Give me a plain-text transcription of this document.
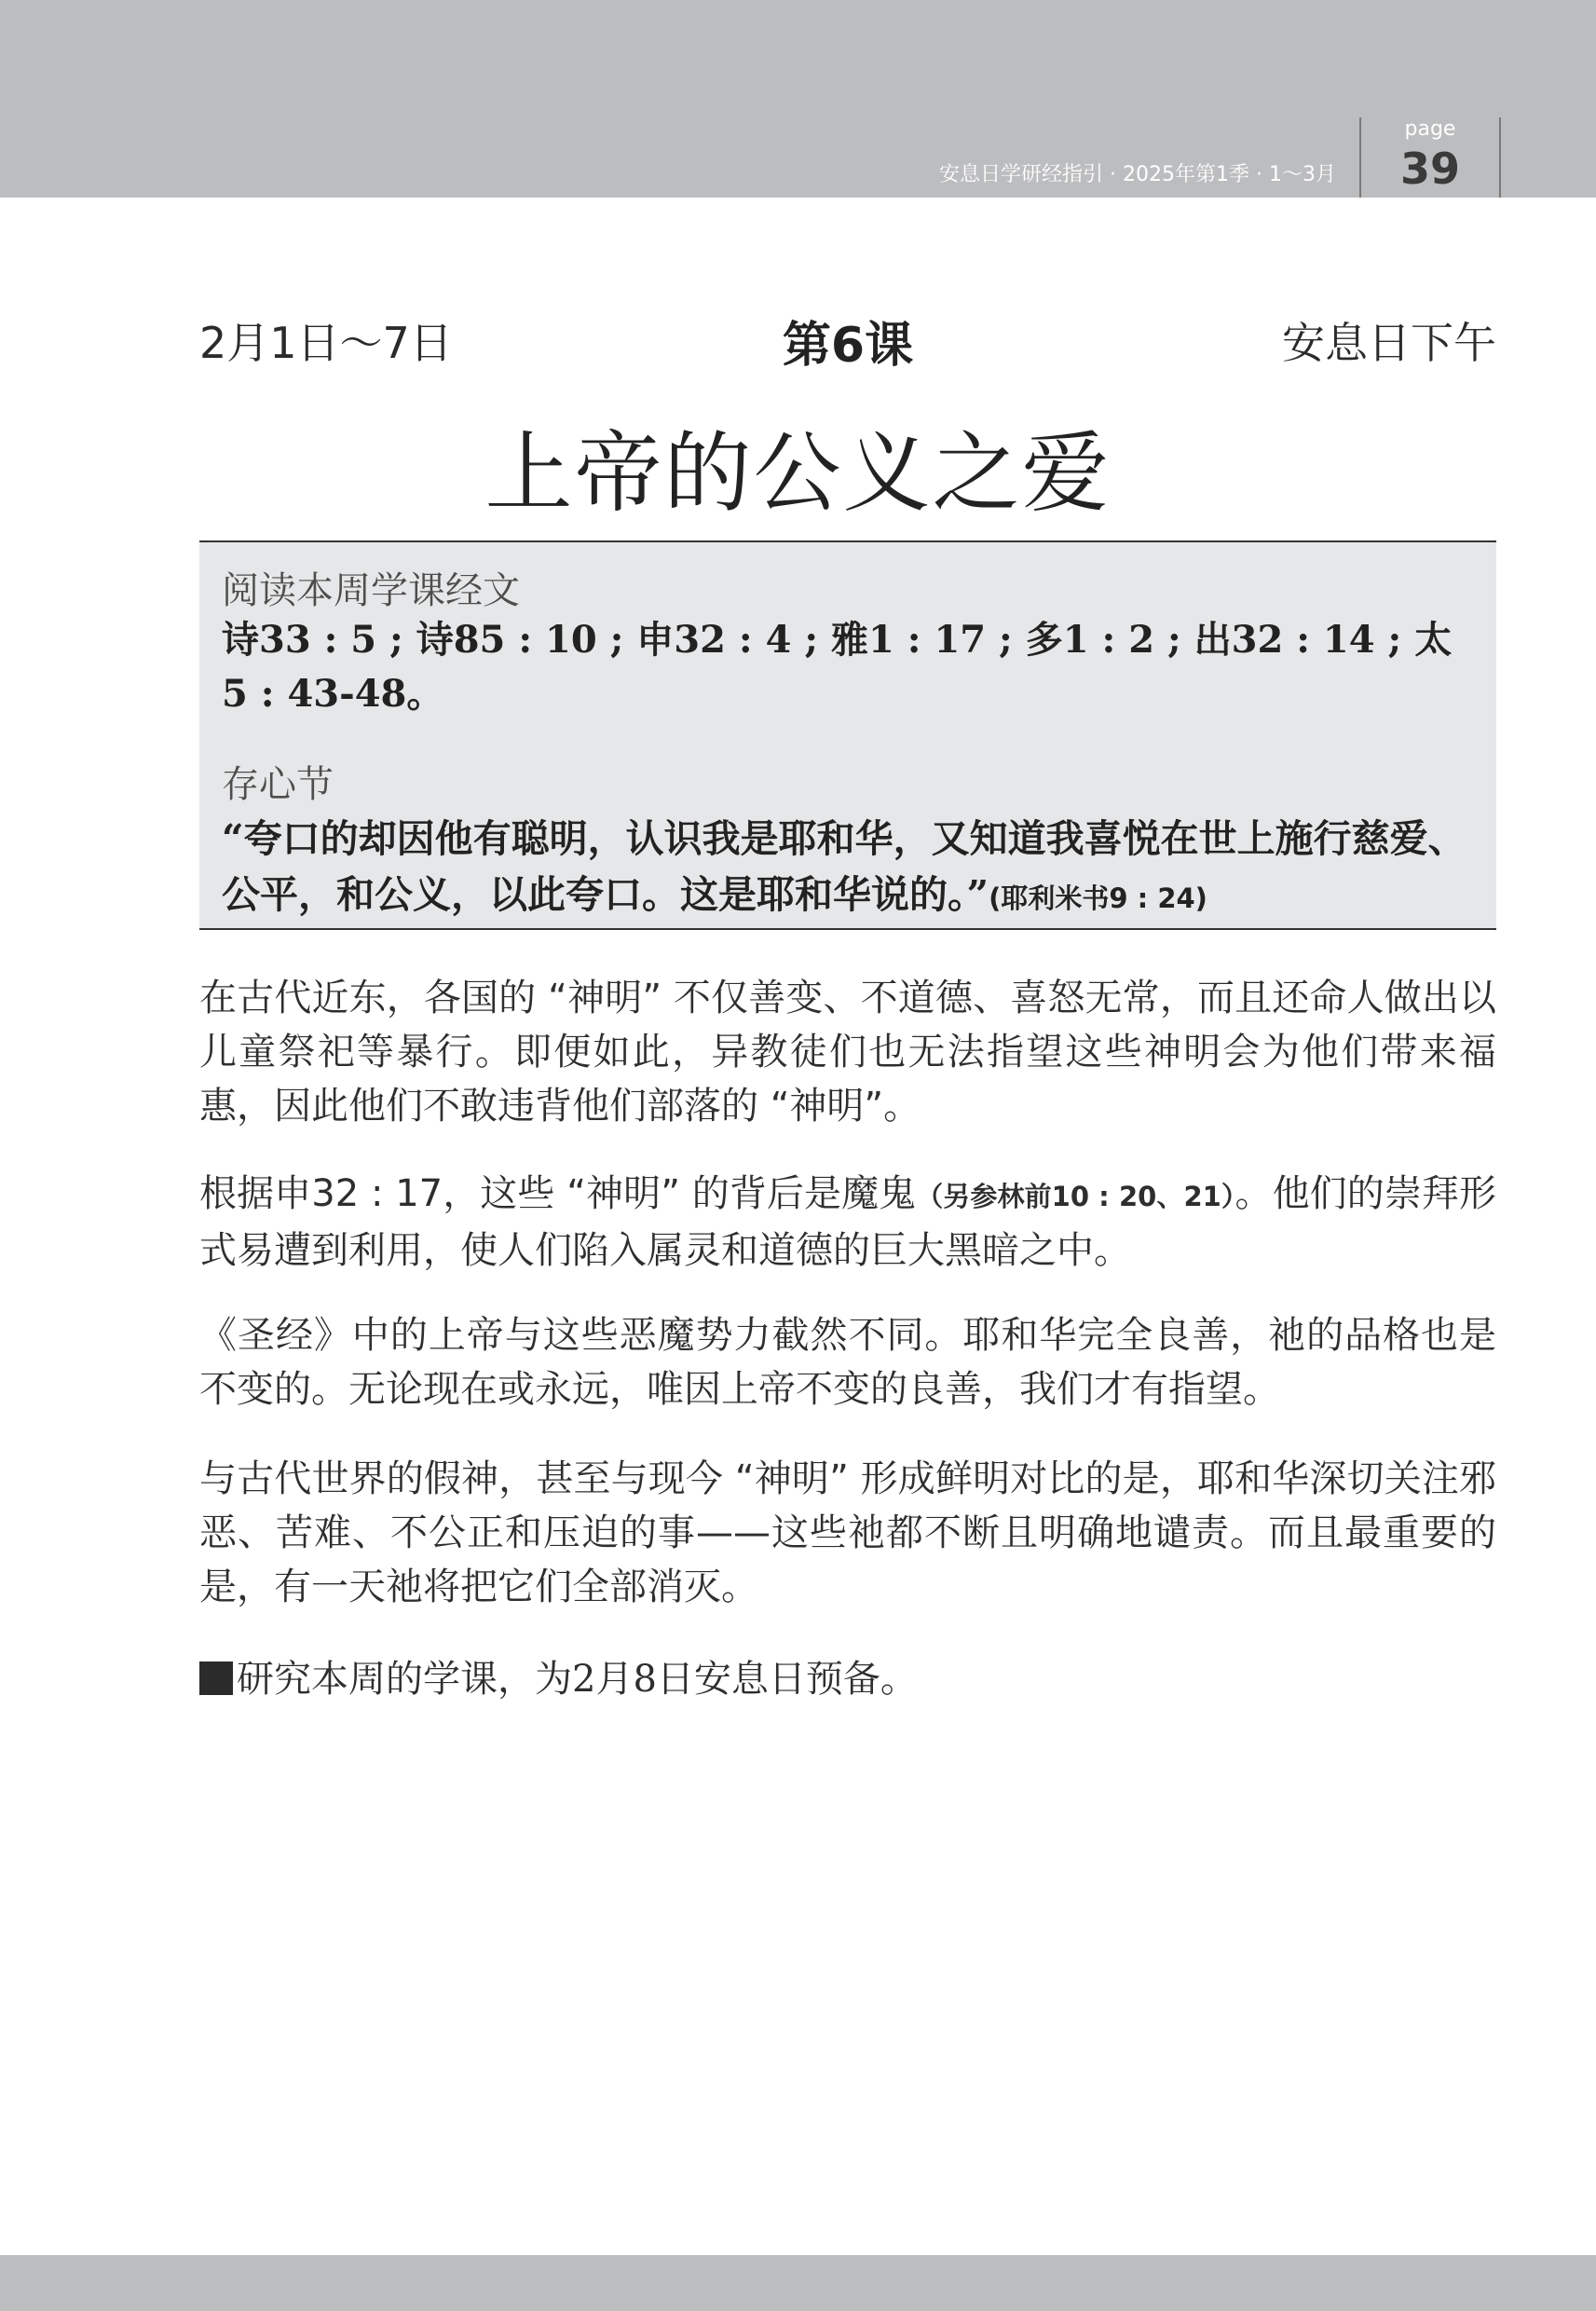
安息日学研经指引 · 2025年第1季 · 1～3月
page
39
2月1日～7日	第6课	安息日下午
上帝的公义之爱
阅读本周学课经文
诗33 : 5 ; 诗85 : 10 ; 申32 : 4 ; 雅1 : 17 ; 多1 : 2 ; 出32 : 14 ; 太5 : 43-48。
存心节
“夸口的却因他有聪明，认识我是耶和华，又知道我喜悦在世上施行慈爱、公平，和公义，以此夸口。这是耶和华说的。”(耶利米书9 : 24)
在古代近东，各国的 “神明” 不仅善变、不道德、喜怒无常，而且还命人做出以儿童祭祀等暴行。即便如此，异教徒们也无法指望这些神明会为他们带来福惠，因此他们不敢违背他们部落的 “神明”。
根据申32 : 17，这些 “神明” 的背后是魔鬼（另参林前10 : 20、21）。他们的崇拜形式易遭到利用，使人们陷入属灵和道德的巨大黑暗之中。
《圣经》中的上帝与这些恶魔势力截然不同。耶和华完全良善，祂的品格也是不变的。无论现在或永远，唯因上帝不变的良善，我们才有指望。
与古代世界的假神，甚至与现今 “神明” 形成鲜明对比的是，耶和华深切关注邪恶、苦难、不公正和压迫的事——这些祂都不断且明确地谴责。而且最重要的是，有一天祂将把它们全部消灭。
研究本周的学课，为2月8日安息日预备。
